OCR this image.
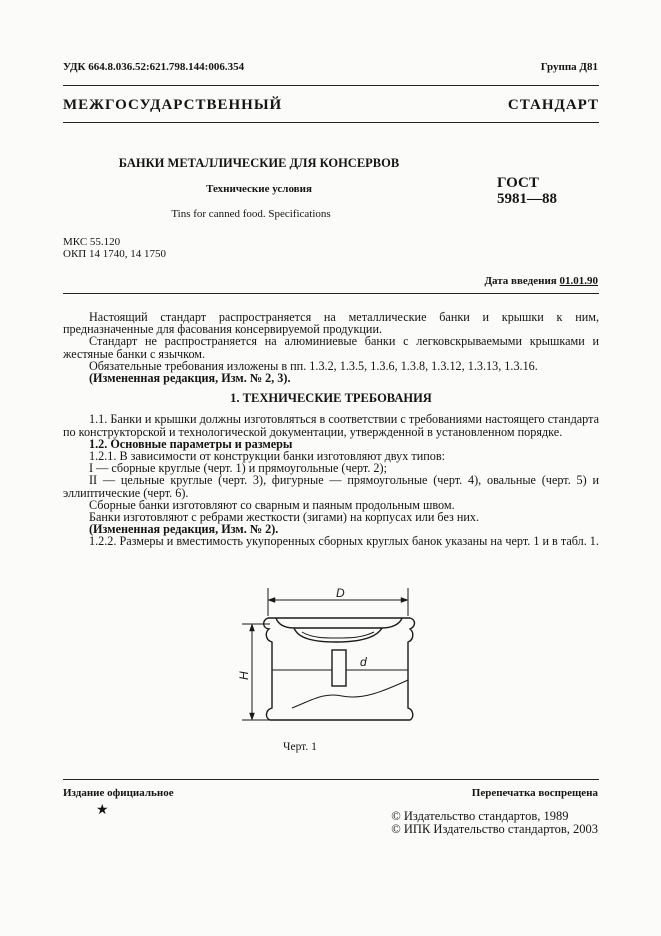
УДК 664.8.036.52:621.798.144:006.354	Группа Д81
МЕЖГОСУДАРСТВЕННЫЙ СТАНДАРТ
БАНКИ МЕТАЛЛИЧЕСКИЕ ДЛЯ КОНСЕРВОВ
Технические условия
Tins for canned food. Specifications
ГОСТ
5981—88
МКС 55.120
ОКП 14 1740, 14 1750
Дата введения 01.01.90

Настоящий стандарт распространяется на металлические банки и крышки к ним, предназначенные для фасования консервируемой продукции.

Стандарт не распространяется на алюминиевые банки с легковскрываемыми крышками и жестяные банки с язычком.

Обязательные требования изложены в пп. 1.3.2, 1.3.5, 1.3.6, 1.3.8, 1.3.12, 1.3.13, 1.3.16.

(Измененная редакция, Изм. № 2, 3).

1. ТЕХНИЧЕСКИЕ ТРЕБОВАНИЯ

1.1. Банки и крышки должны изготовляться в соответствии с требованиями настоящего стандарта по конструкторской и технологической документации, утвержденной в установленном порядке.

1.2. Основные параметры и размеры

1.2.1. В зависимости от конструкции банки изготовляют двух типов:

I — сборные круглые (черт. 1) и прямоугольные (черт. 2);

II — цельные круглые (черт. 3), фигурные — прямоугольные (черт. 4), овальные (черт. 5) и эллиптические (черт. 6).

Сборные банки изготовляют со сварным и паяным продольным швом.

Банки изготовляют с ребрами жесткости (зигами) на корпусах или без них.

(Измененная редакция, Изм. № 2).

1.2.2. Размеры и вместимость укупоренных сборных круглых банок указаны на черт. 1 и в табл. 1.

D
H
d
Черт. 1
Издание официальное	Перепечатка воспрещена
★	© Издательство стандартов, 1989
© ИПК Издательство стандартов, 2003
